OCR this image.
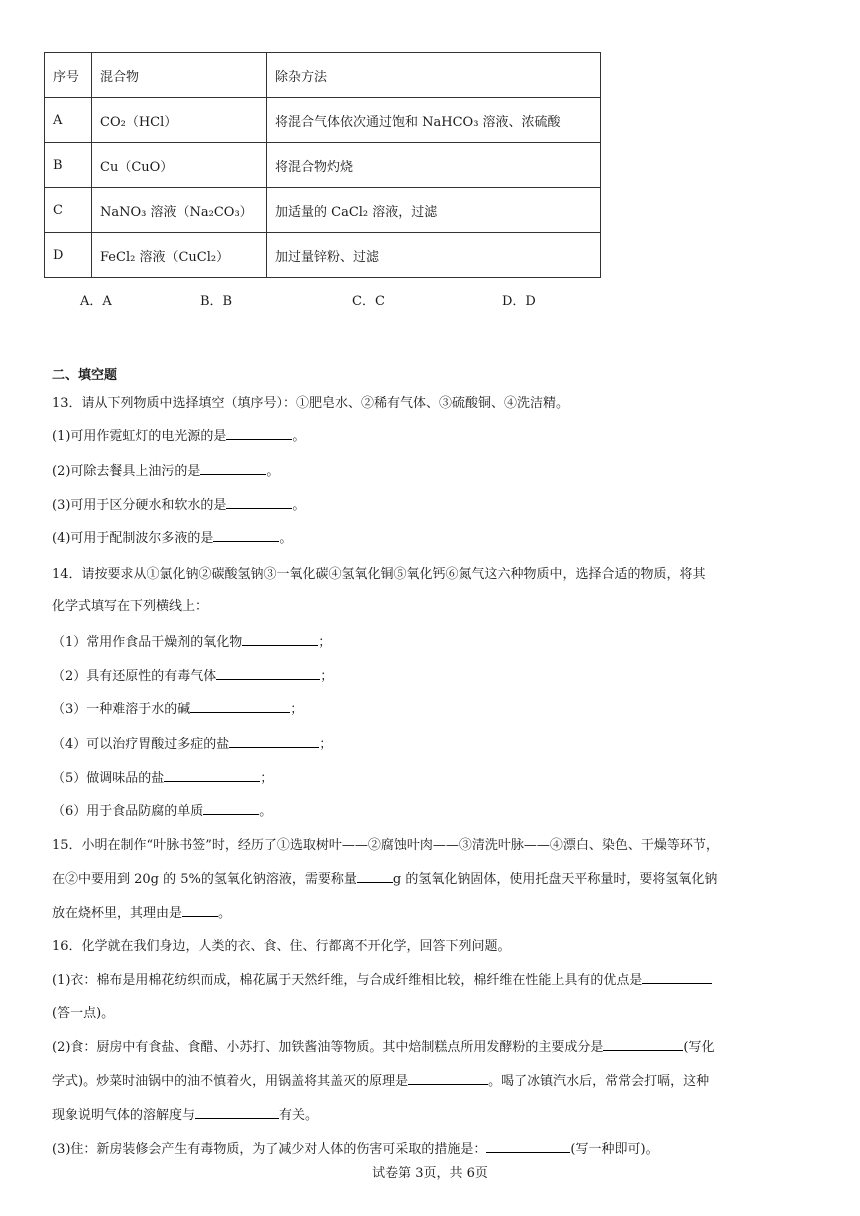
序号	混合物	除杂方法
A	CO₂（HCl）	将混合气体依次通过饱和 NaHCO₃ 溶液、浓硫酸
B	Cu（CuO）	将混合物灼烧
C	NaNO₃ 溶液（Na₂CO₃）	加适量的 CaCl₂ 溶液，过滤
D	FeCl₂ 溶液（CuCl₂）	加过量锌粉、过滤
A．A	B．B	C．C	D．D
二、填空题
13．请从下列物质中选择填空（填序号）：①肥皂水、②稀有气体、③硫酸铜、④洗洁精。
(1)可用作霓虹灯的电光源的是	。
(2)可除去餐具上油污的是	。
(3)可用于区分硬水和软水的是	。
(4)可用于配制波尔多液的是	。
14．请按要求从①氯化钠②碳酸氢钠③一氧化碳④氢氧化铜⑤氧化钙⑥氮气这六种物质中，选择合适的物质，将其
化学式填写在下列横线上：
（1）常用作食品干燥剂的氧化物	；
（2）具有还原性的有毒气体	；
（3）一种难溶于水的碱	；
（4）可以治疗胃酸过多症的盐	；
（5）做调味品的盐	；
（6）用于食品防腐的单质	。
15．小明在制作“叶脉书签”时，经历了①选取树叶——②腐蚀叶肉——③清洗叶脉——④漂白、染色、干燥等环节，
在②中要用到 20g 的 5%的氢氧化钠溶液，需要称量	g 的氢氧化钠固体，使用托盘天平称量时，要将氢氧化钠
放在烧杯里，其理由是	。
16．化学就在我们身边，人类的衣、食、住、行都离不开化学，回答下列问题。
(1)衣：棉布是用棉花纺织而成，棉花属于天然纤维，与合成纤维相比较，棉纤维在性能上具有的优点是
(答一点)。
(2)食：厨房中有食盐、食醋、小苏打、加铁酱油等物质。其中焙制糕点所用发酵粉的主要成分是	(写化
学式)。炒菜时油锅中的油不慎着火，用锅盖将其盖灭的原理是	。喝了冰镇汽水后，常常会打嗝，这种
现象说明气体的溶解度与	有关。
(3)住：新房装修会产生有毒物质，为了减少对人体的伤害可采取的措施是：	(写一种即可)。
试卷第 3页，共 6页
